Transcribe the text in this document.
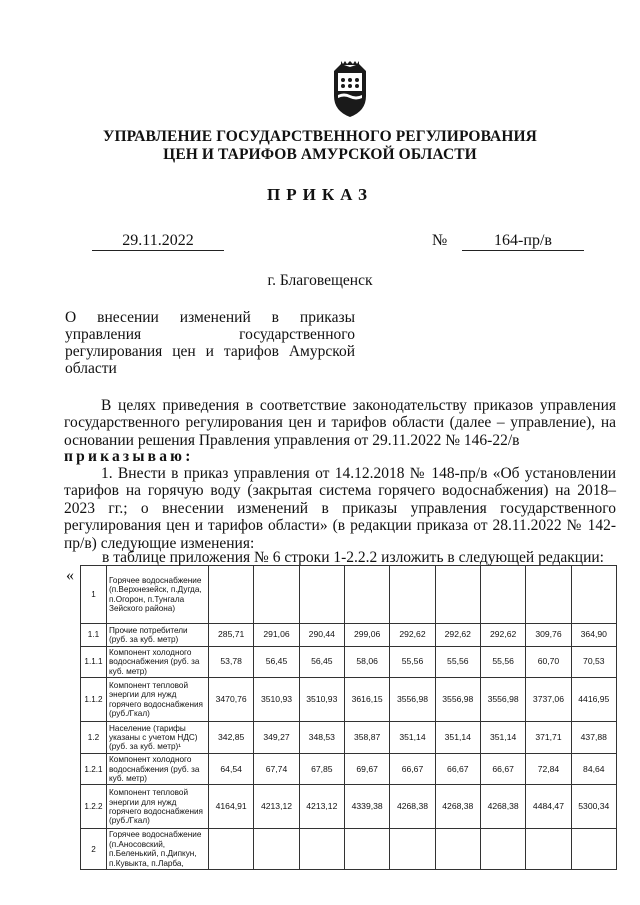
УПРАВЛЕНИЕ ГОСУДАРСТВЕННОГО РЕГУЛИРОВАНИЯ
ЦЕН И ТАРИФОВ АМУРСКОЙ ОБЛАСТИ
ПРИКАЗ
29.11.2022	№	164-пр/в
г. Благовещенск
О внесении изменений в приказы управления государственного регулирования цен и тарифов Амурской области
В целях приведения в соответствие законодательству приказов управления государственного регулирования цен и тарифов области (далее – управление), на основании решения Правления управления от 29.11.2022 № 146-22/в
приказываю:
1. Внести в приказ управления от 14.12.2018 № 148-пр/в «Об установлении тарифов на горячую воду (закрытая система горячего водоснабжения) на 2018–2023 гг.; о внесении изменений в приказы управления государственного регулирования цен и тарифов области» (в редакции приказа от 28.11.2022 № 142-пр/в) следующие изменения:
в таблице приложения № 6 строки 1-2.2.2 изложить в следующей редакции:
«
1	Горячее водоснабжение (п.Верхнезейск, п.Дугда, п.Огорон, п.Тунгала Зейского района)									
1.1	Прочие потребители (руб. за куб. метр)	285,71	291,06	290,44	299,06	292,62	292,62	292,62	309,76	364,90
1.1.1	Компонент холодного водоснабжения (руб. за куб. метр)	53,78	56,45	56,45	58,06	55,56	55,56	55,56	60,70	70,53
1.1.2	Компонент тепловой энергии для нужд горячего водоснабжения (руб./Гкал)	3470,76	3510,93	3510,93	3616,15	3556,98	3556,98	3556,98	3737,06	4416,95
1.2	Население (тарифы указаны с учетом НДС) (руб. за куб. метр)¹	342,85	349,27	348,53	358,87	351,14	351,14	351,14	371,71	437,88
1.2.1	Компонент холодного водоснабжения (руб. за куб. метр)	64,54	67,74	67,85	69,67	66,67	66,67	66,67	72,84	84,64
1.2.2	Компонент тепловой энергии для нужд горячего водоснабжения (руб./Гкал)	4164,91	4213,12	4213,12	4339,38	4268,38	4268,38	4268,38	4484,47	5300,34
2	Горячее водоснабжение (п.Аносовский, п.Беленький, п.Дипкун, п.Кувыкта, п.Ларба,									
